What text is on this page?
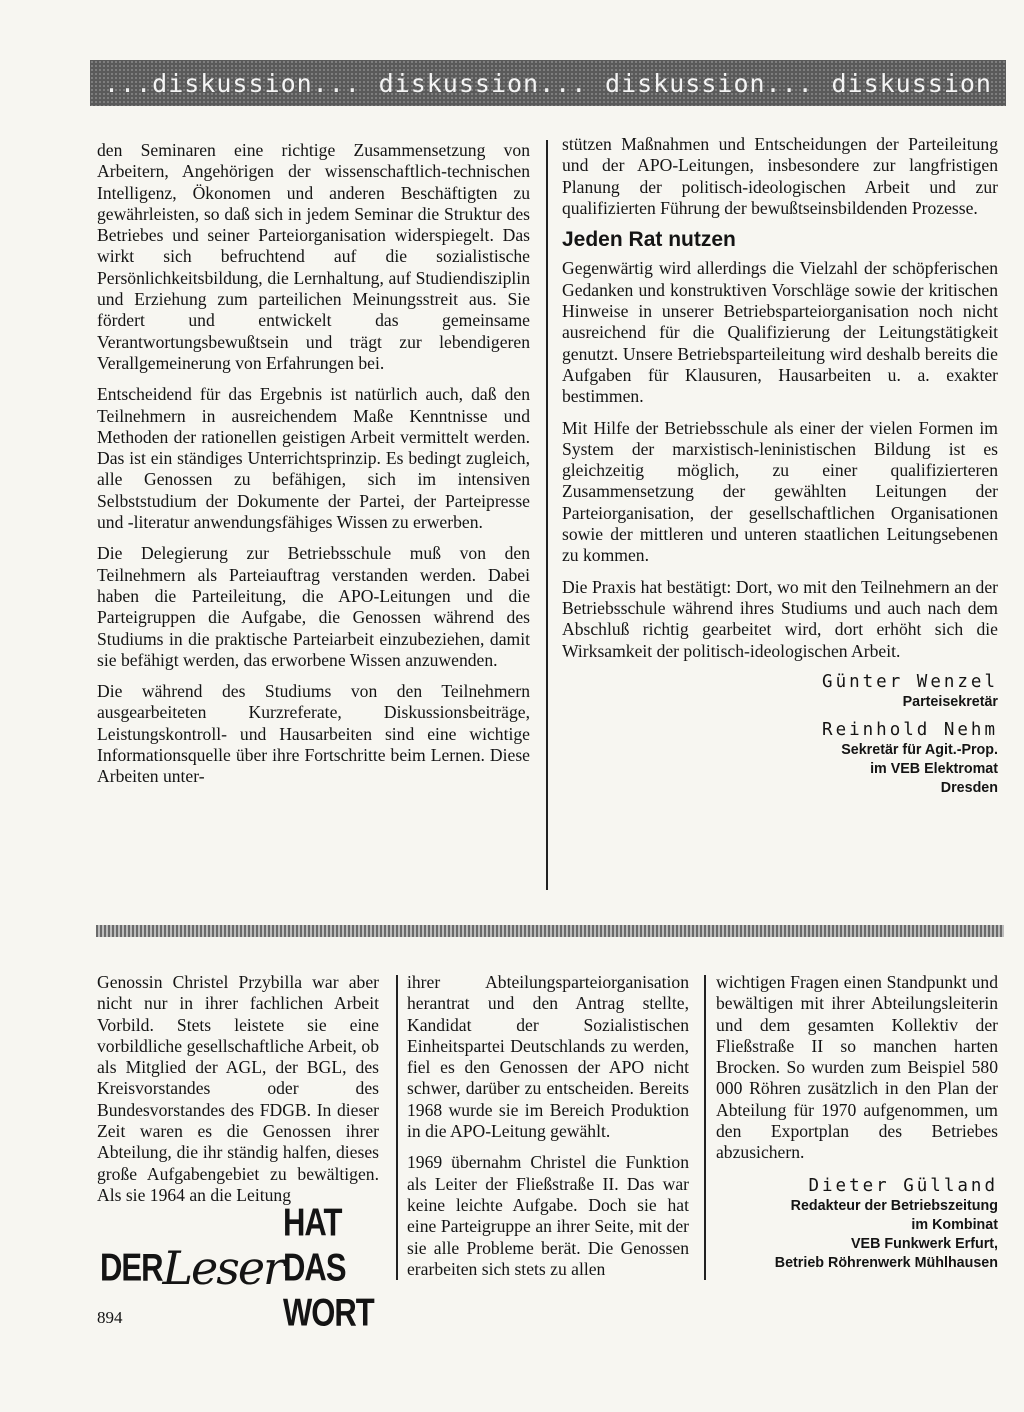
...diskussion... diskussion... diskussion... diskussion

den Seminaren eine richtige Zusammensetzung von Arbeitern, Angehörigen der wissenschaftlich-technischen Intelligenz, Ökonomen und anderen Beschäftigten zu gewährleisten, so daß sich in jedem Seminar die Struktur des Betriebes und seiner Parteiorganisation widerspiegelt. Das wirkt sich befruchtend auf die sozialistische Persönlichkeitsbildung, die Lernhaltung, auf Studiendisziplin und Erziehung zum parteilichen Meinungsstreit aus. Sie fördert und entwickelt das gemeinsame Verantwortungsbewußtsein und trägt zur lebendigeren Verallgemeinerung von Erfahrungen bei.

Entscheidend für das Ergebnis ist natürlich auch, daß den Teilnehmern in ausreichendem Maße Kenntnisse und Methoden der rationellen geistigen Arbeit vermittelt werden. Das ist ein ständiges Unterrichtsprinzip. Es bedingt zugleich, alle Genossen zu befähigen, sich im intensiven Selbststudium der Dokumente der Partei, der Parteipresse und -literatur anwendungsfähiges Wissen zu erwerben.

Die Delegierung zur Betriebsschule muß von den Teilnehmern als Parteiauftrag verstanden werden. Dabei haben die Parteileitung, die APO-Leitungen und die Parteigruppen die Aufgabe, die Genossen während des Studiums in die praktische Parteiarbeit einzubeziehen, damit sie befähigt werden, das erworbene Wissen anzuwenden.

Die während des Studiums von den Teilnehmern ausgearbeiteten Kurzreferate, Diskussionsbeiträge, Leistungskontroll- und Hausarbeiten sind eine wichtige Informationsquelle über ihre Fortschritte beim Lernen. Diese Arbeiten unter-

stützen Maßnahmen und Entscheidungen der Parteileitung und der APO-Leitungen, insbesondere zur langfristigen Planung der politisch-ideologischen Arbeit und zur qualifizierten Führung der bewußtseinsbildenden Prozesse.

Jeden Rat nutzen

Gegenwärtig wird allerdings die Vielzahl der schöpferischen Gedanken und konstruktiven Vorschläge sowie der kritischen Hinweise in unserer Betriebsparteiorganisation noch nicht ausreichend für die Qualifizierung der Leitungstätigkeit genutzt. Unsere Betriebsparteileitung wird deshalb bereits die Aufgaben für Klausuren, Hausarbeiten u. a. exakter bestimmen.

Mit Hilfe der Betriebsschule als einer der vielen Formen im System der marxistisch-leninistischen Bildung ist es gleichzeitig möglich, zu einer qualifizierteren Zusammensetzung der gewählten Leitungen der Parteiorganisation, der gesellschaftlichen Organisationen sowie der mittleren und unteren staatlichen Leitungsebenen zu kommen.

Die Praxis hat bestätigt: Dort, wo mit den Teilnehmern an der Betriebsschule während ihres Studiums und auch nach dem Abschluß richtig gearbeitet wird, dort erhöht sich die Wirksamkeit der politisch-ideologischen Arbeit.

Günter Wenzel
Parteisekretär
Reinhold Nehm
Sekretär für Agit.-Prop.
im VEB Elektromat
Dresden

Genossin Christel Przybilla war aber nicht nur in ihrer fachlichen Arbeit Vorbild. Stets leistete sie eine vorbildliche gesellschaftliche Arbeit, ob als Mitglied der AGL, der BGL, des Kreisvorstandes oder des Bundesvorstandes des FDGB. In dieser Zeit waren es die Genossen ihrer Abteilung, die ihr ständig halfen, dieses große Aufgabengebiet zu bewältigen. Als sie 1964 an die Leitung

ihrer Abteilungsparteiorganisation herantrat und den Antrag stellte, Kandidat der Sozialistischen Einheitspartei Deutschlands zu werden, fiel es den Genossen der APO nicht schwer, darüber zu entscheiden. Bereits 1968 wurde sie im Bereich Produktion in die APO-Leitung gewählt.

1969 übernahm Christel die Funktion als Leiter der Fließstraße II. Das war keine leichte Aufgabe. Doch sie hat eine Parteigruppe an ihrer Seite, mit der sie alle Probleme berät. Die Genossen erarbeiten sich stets zu allen

wichtigen Fragen einen Standpunkt und bewältigen mit ihrer Abteilungsleiterin und dem gesamten Kollektiv der Fließstraße II so manchen harten Brocken. So wurden zum Beispiel 580 000 Röhren zusätzlich in den Plan der Abteilung für 1970 aufgenommen, um den Exportplan des Betriebes abzusichern.

Dieter Gülland
Redakteur der Betriebszeitung
im Kombinat
VEB Funkwerk Erfurt,
Betrieb Röhrenwerk Mühlhausen
DER Leser
HAT DAS WORT
894
